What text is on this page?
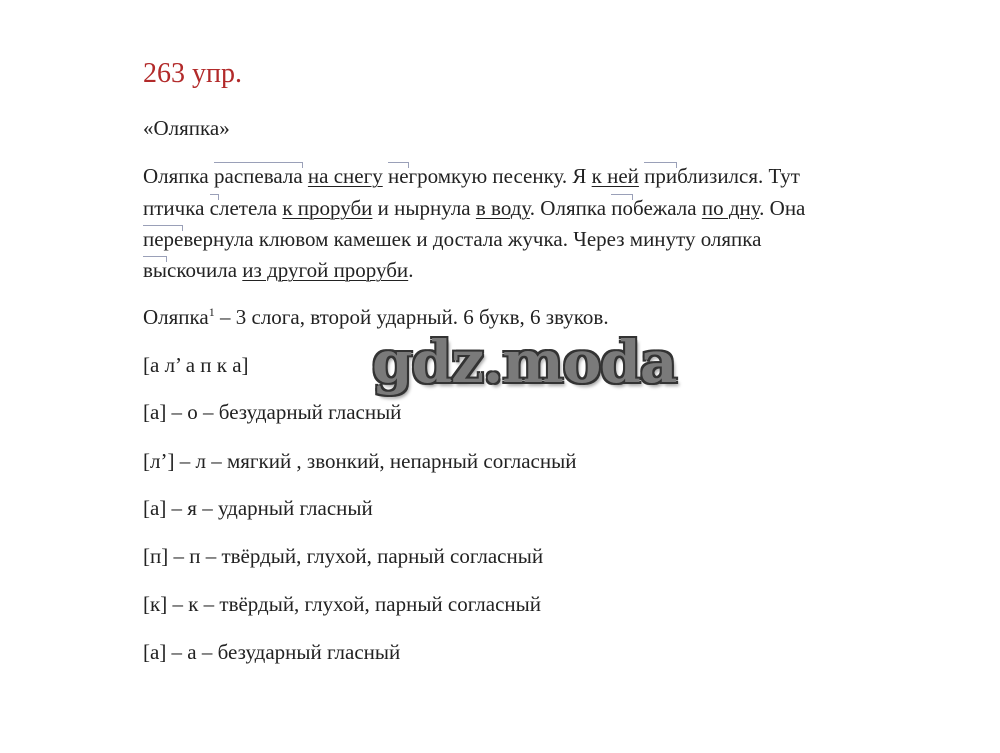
263 упр.
«Оляпка»
Оляпка распевала на снегу негромкую песенку. Я к ней приблизился. Тут
птичка слетела к проруби и нырнула в воду. Оляпка побежала по дну. Она
перевернула клювом камешек и достала жучка. Через минуту оляпка
выскочила из другой проруби.
Оляпка$^1$ – 3 слога, второй ударный. 6 букв, 6 звуков.
[а л’ а п к а]
[а] – о – безударный гласный
[л’] – л – мягкий , звонкий, непарный согласный
[а] – я – ударный гласный
[п] – п – твёрдый, глухой, парный согласный
[к] – к – твёрдый, глухой, парный согласный
[а] – а – безударный гласный
gdz.moda
